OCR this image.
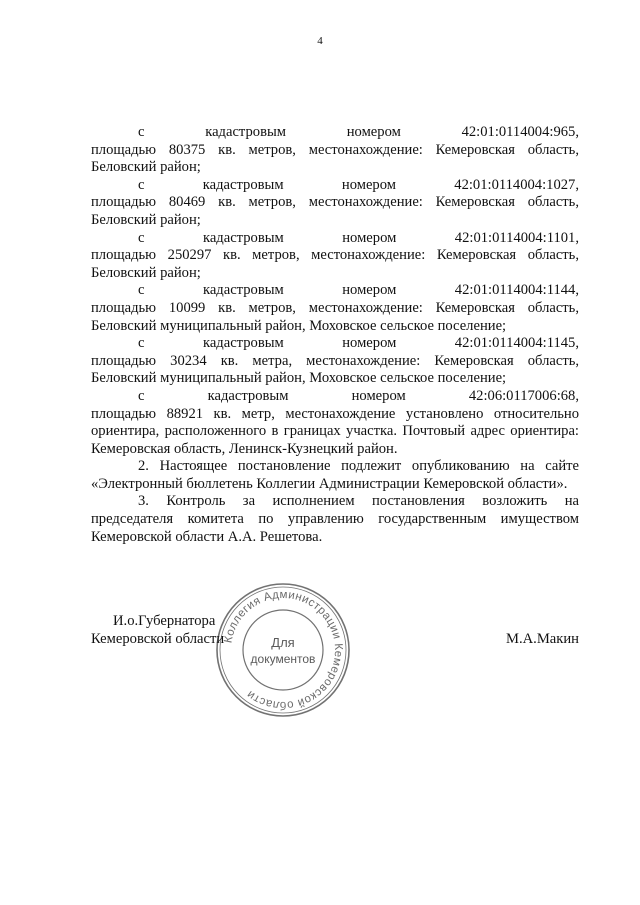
4

с кадастровым номером 42:01:0114004:965,

площадью 80375 кв. метров, местонахождение: Кемеровская область, Беловский район;

с кадастровым номером 42:01:0114004:1027,

площадью 80469 кв. метров, местонахождение: Кемеровская область, Беловский район;

с кадастровым номером 42:01:0114004:1101,

площадью 250297 кв. метров, местонахождение: Кемеровская область, Беловский район;

с кадастровым номером 42:01:0114004:1144,

площадью 10099 кв. метров, местонахождение: Кемеровская область, Беловский муниципальный район, Моховское сельское поселение;

с кадастровым номером 42:01:0114004:1145,

площадью 30234 кв. метра, местонахождение: Кемеровская область, Беловский муниципальный район, Моховское сельское поселение;

с кадастровым номером 42:06:0117006:68,

площадью 88921 кв. метр, местонахождение установлено относительно ориентира, расположенного в границах участка. Почтовый адрес ориентира: Кемеровская область, Ленинск-Кузнецкий район.

2. Настоящее постановление подлежит опубликованию на сайте

«Электронный бюллетень Коллегии Администрации Кемеровской области».

3. Контроль за исполнением постановления возложить на

председателя комитета по управлению государственным имуществом Кемеровской области А.А. Решетова.

Коллегия Администрации Кемеровской области
Для
документов
И.о.Губернатора
Кемеровской области	М.А.Макин
